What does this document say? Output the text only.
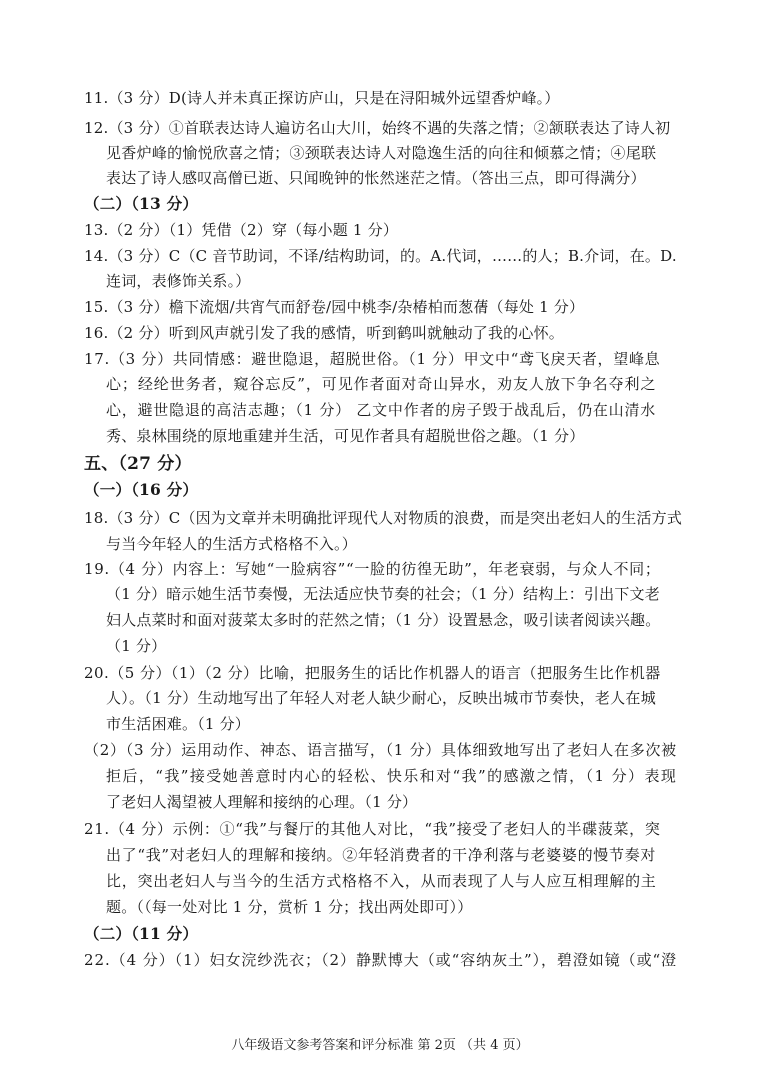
11.（3 分）D(诗人并未真正探访庐山，只是在浔阳城外远望香炉峰。）
12.（3 分）①首联表达诗人遍访名山大川，始终不遇的失落之情；②颔联表达了诗人初
见香炉峰的愉悦欣喜之情；③颈联表达诗人对隐逸生活的向往和倾慕之情；④尾联
表达了诗人感叹高僧已逝、只闻晚钟的怅然迷茫之情。（答出三点，即可得满分）
（二）（13 分）
13.（2 分）（1）凭借（2）穿（每小题 1 分）
14.（3 分）C（C 音节助词，不译/结构助词，的。A.代词，……的人；B.介词，在。D.
连词，表修饰关系。）
15.（3 分）檐下流烟/共宵气而舒卷/园中桃李/杂椿柏而葱蒨（每处 1 分）
16.（2 分）听到风声就引发了我的感情，听到鹤叫就触动了我的心怀。
17.（3 分）共同情感：避世隐退，超脱世俗。（1 分）甲文中“鸢飞戾天者，望峰息
心；经纶世务者，窥谷忘反”，可见作者面对奇山异水，劝友人放下争名夺利之
心，避世隐退的高洁志趣；（1 分） 乙文中作者的房子毁于战乱后，仍在山清水
秀、泉林围绕的原地重建并生活，可见作者具有超脱世俗之趣。（1 分）
五、（27 分）
（一）（16 分）
18.（3 分）C（因为文章并未明确批评现代人对物质的浪费，而是突出老妇人的生活方式
与当今年轻人的生活方式格格不入。）
19.（4 分）内容上：写她“一脸病容”“一脸的彷徨无助”，年老衰弱，与众人不同；
（1 分）暗示她生活节奏慢，无法适应快节奏的社会；（1 分）结构上：引出下文老
妇人点菜时和面对菠菜太多时的茫然之情；（1 分）设置悬念，吸引读者阅读兴趣。
（1 分）
20.（5 分）（1）（2 分）比喻，把服务生的话比作机器人的语言（把服务生比作机器
人）。（1 分）生动地写出了年轻人对老人缺少耐心，反映出城市节奏快，老人在城
市生活困难。（1 分）
（2）（3 分）运用动作、神态、语言描写，（1 分）具体细致地写出了老妇人在多次被
拒后，“我”接受她善意时内心的轻松、快乐和对“我”的感激之情，（1 分）表现
了老妇人渴望被人理解和接纳的心理。（1 分）
21.（4 分）示例：①“我”与餐厅的其他人对比，“我”接受了老妇人的半碟菠菜，突
出了“我”对老妇人的理解和接纳。②年轻消费者的干净利落与老婆婆的慢节奏对
比，突出老妇人与当今的生活方式格格不入，从而表现了人与人应互相理解的主
题。（（每一处对比 1 分，赏析 1 分；找出两处即可））
（二）（11 分）
22.（4 分）（1）妇女浣纱洗衣；（2）静默博大（或“容纳灰土”），碧澄如镜（或“澄
八年级语文参考答案和评分标准 第 2页 （共 4 页）
